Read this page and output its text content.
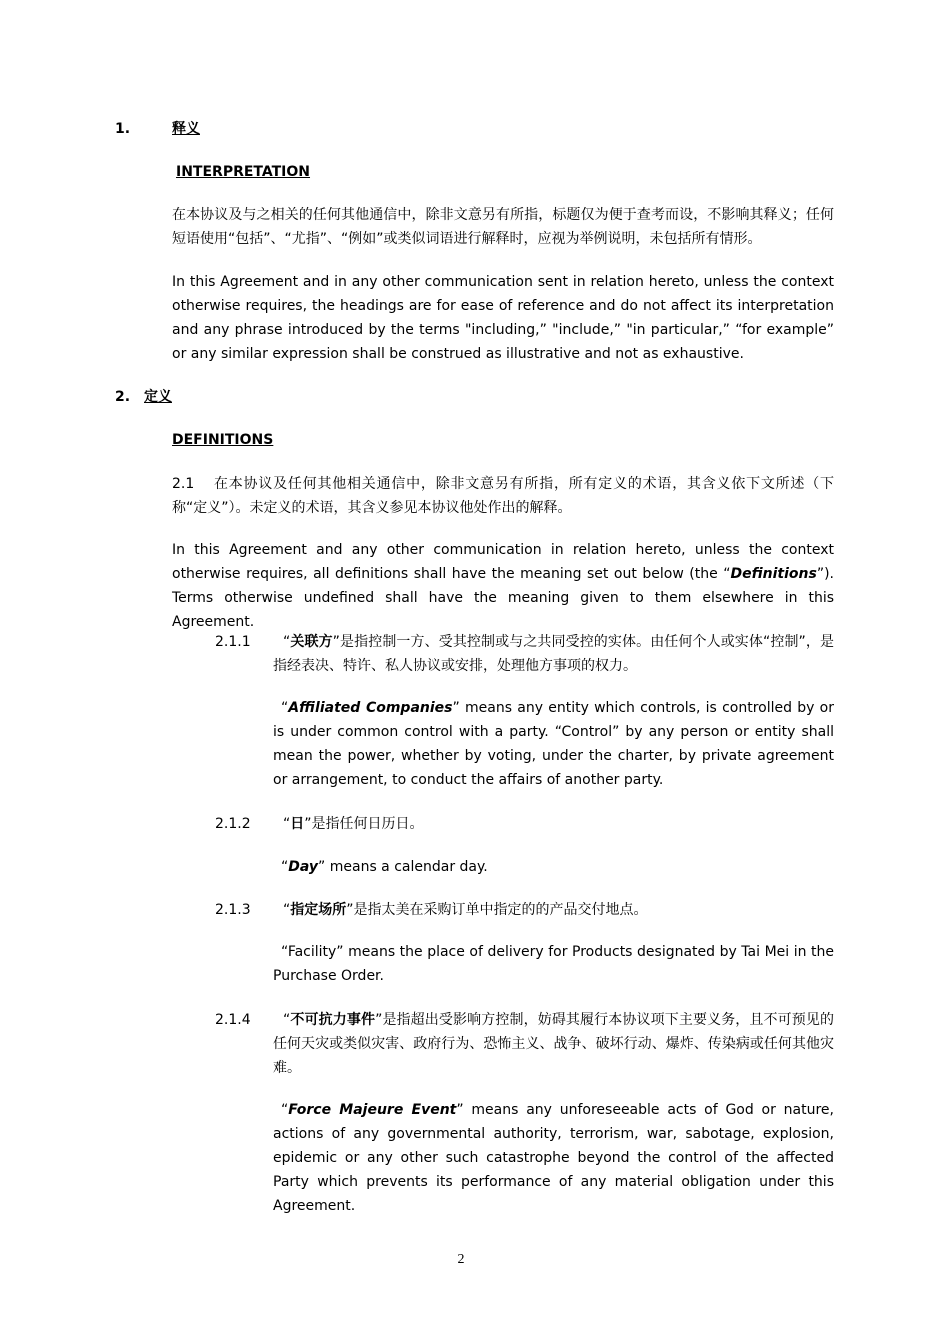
1.	释义
INTERPRETATION
在本协议及与之相关的任何其他通信中，除非文意另有所指，标题仅为便于查考而设，不影响其释义；任何短语使用“包括”、“尤指”、“例如”或类似词语进行解释时，应视为举例说明，未包括所有情形。
In this Agreement and in any other communication sent in relation hereto, unless the context otherwise requires, the headings are for ease of reference and do not affect its interpretation and any phrase introduced by the terms "including,” "include,” "in particular,” “for example” or any similar expression shall be construed as illustrative and not as exhaustive.
2. 定义
DEFINITIONS
2.1	在本协议及任何其他相关通信中，除非文意另有所指，所有定义的术语，其含义依下文所述（下称“定义”）。未定义的术语，其含义参见本协议他处作出的解释。
In this Agreement and any other communication in relation hereto, unless the context otherwise requires, all definitions shall have the meaning set out below (the “Definitions”). Terms otherwise undefined shall have the meaning given to them elsewhere in this Agreement.
2.1.1	“关联方”是指控制一方、受其控制或与之共同受控的实体。由任何个人或实体“控制”，是指经表决、特许、私人协议或安排，处理他方事项的权力。
“Affiliated Companies” means any entity which controls, is controlled by or is under common control with a party. “Control” by any person or entity shall mean the power, whether by voting, under the charter, by private agreement or arrangement, to conduct the affairs of another party.
2.1.2	“日”是指任何日历日。
“Day” means a calendar day.
2.1.3	“指定场所”是指太美在采购订单中指定的的产品交付地点。
“Facility” means the place of delivery for Products designated by Tai Mei in the Purchase Order.
2.1.4	“不可抗力事件”是指超出受影响方控制，妨碍其履行本协议项下主要义务，且不可预见的任何天灾或类似灾害、政府行为、恐怖主义、战争、破坏行动、爆炸、传染病或任何其他灾难。
“Force Majeure Event” means any unforeseeable acts of God or nature, actions of any governmental authority, terrorism, war, sabotage, explosion, epidemic or any other such catastrophe beyond the control of the affected Party which prevents its performance of any material obligation under this Agreement.
2
